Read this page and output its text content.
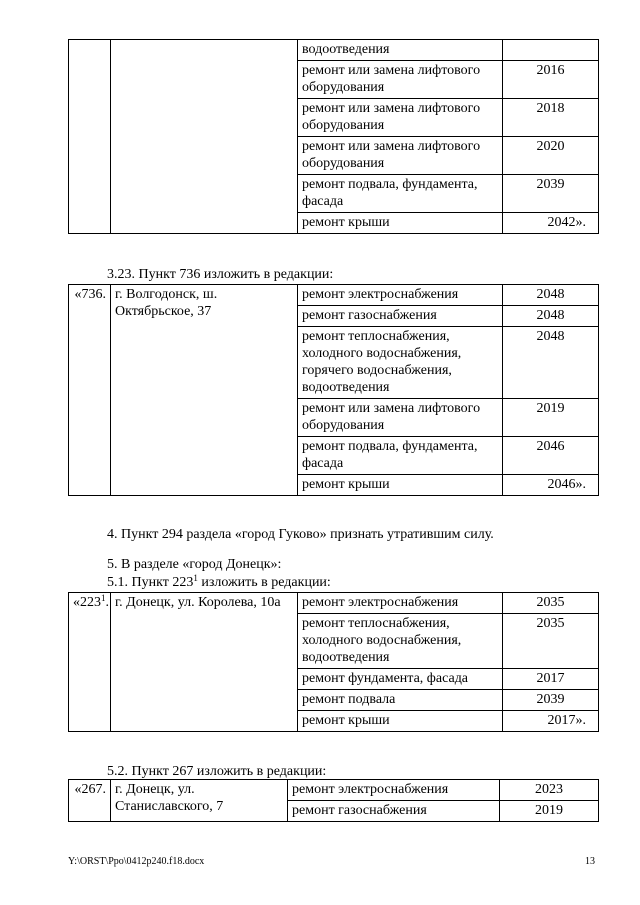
		водоотведения	
		ремонт или замена лифтового оборудования	2016
		ремонт или замена лифтового оборудования	2018
		ремонт или замена лифтового оборудования	2020
		ремонт подвала, фундамента, фасада	2039
		ремонт крыши	2042».

3.23. Пункт 736 изложить в редакции:

«736.	г. Волгодонск, ш. Октябрьское, 37	ремонт электроснабжения	2048
		ремонт газоснабжения	2048
		ремонт теплоснабжения, холодного водоснабжения, горячего водоснабжения, водоотведения	2048
		ремонт или замена лифтового оборудования	2019
		ремонт подвала, фундамента, фасада	2046
		ремонт крыши	2046».

4. Пункт 294 раздела «город Гуково» признать утратившим силу.

5. В разделе «город Донецк»:

5.1. Пункт $223^1$ изложить в редакции:

«$223^1$.	г. Донецк, ул. Королева, 10а	ремонт электроснабжения	2035
		ремонт теплоснабжения, холодного водоснабжения, водоотведения	2035
		ремонт фундамента, фасада	2017
		ремонт подвала	2039
		ремонт крыши	2017».

5.2. Пункт 267 изложить в редакции:

«267.	г. Донецк, ул. Станиславского, 7	ремонт электроснабжения	2023
		ремонт газоснабжения	2019
Y:\ORST\Ppo\0412p240.f18.docx	13
